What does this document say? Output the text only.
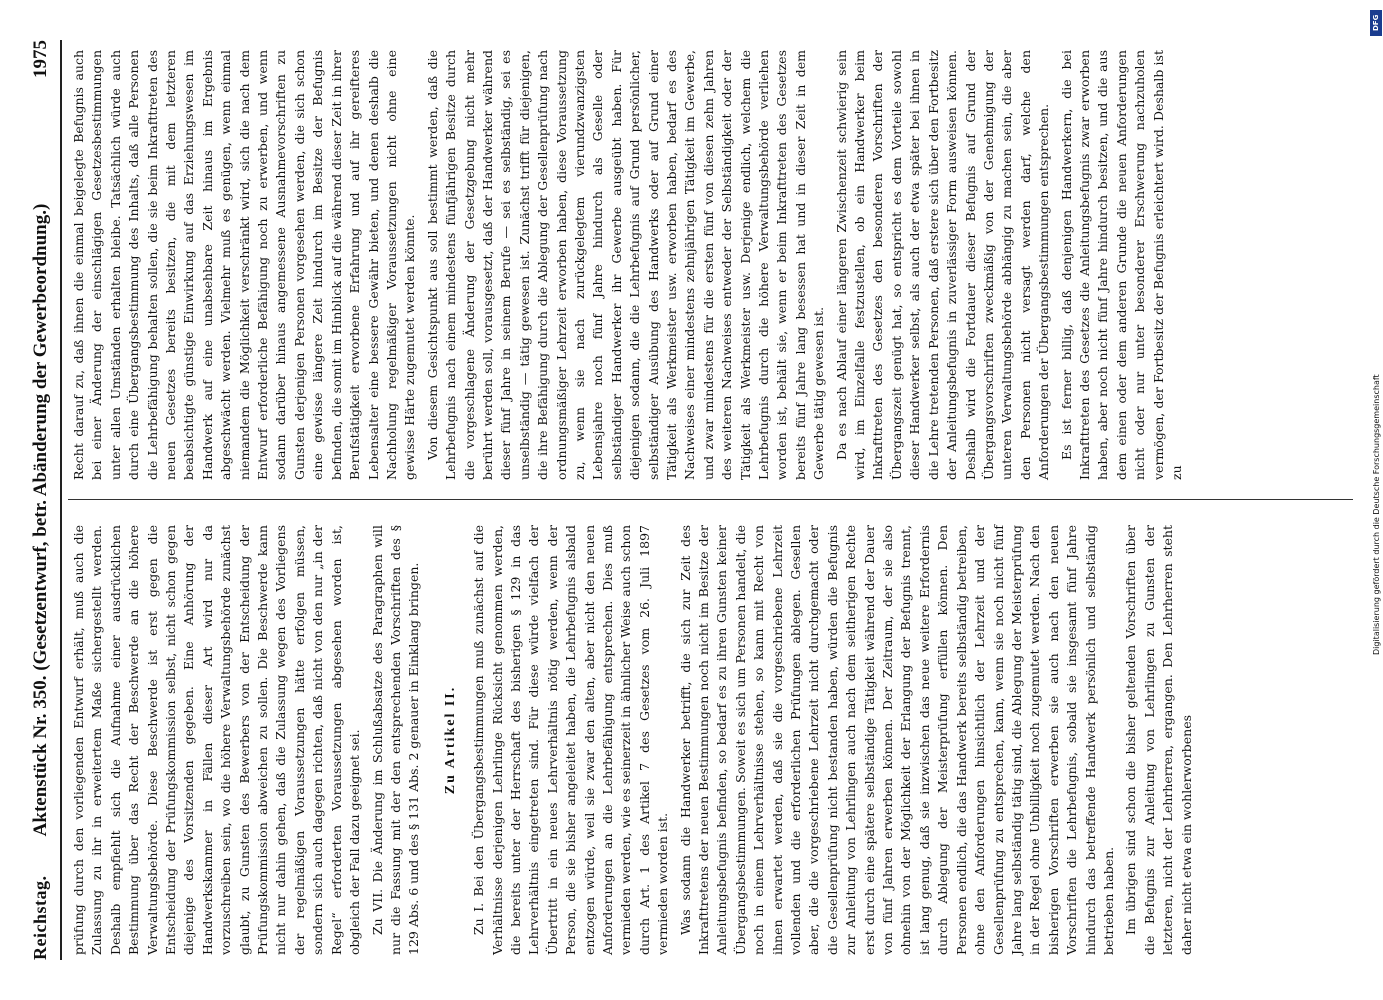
Reichstag.
Aktenstück Nr. 350. (Gesetzentwurf, betr. Abänderung der Gewerbeordnung.)
1975

prüfung durch den vorliegenden Entwurf erhält, muß auch die Zulassung zu ihr in erweitertem Maße sichergestellt werden. Deshalb empfiehlt sich die Aufnahme einer ausdrücklichen Bestimmung über das Recht der Beschwerde an die höhere Verwaltungsbehörde. Diese Beschwerde ist erst gegen die Entscheidung der Prüfungskommission selbst, nicht schon gegen diejenige des Vorsitzenden gegeben. Eine Anhörung der Handwerkskammer in Fällen dieser Art wird nur da vorzuschreiben sein, wo die höhere Verwaltungsbehörde zunächst glaubt, zu Gunsten des Bewerbers von der Entscheidung der Prüfungskommission abweichen zu sollen. Die Beschwerde kann nicht nur dahin gehen, daß die Zulassung wegen des Vorliegens der regelmäßigen Voraussetzungen hätte erfolgen müssen, sondern sich auch dagegen richten, daß nicht von den nur „in der Regel“ erforderten Voraussetzungen abgesehen worden ist, obgleich der Fall dazu geeignet sei. Zu VII. Die Änderung im Schlußabsatze des Paragraphen will nur die Fassung mit der den entsprechenden Vorschriften des § 129 Abs. 6 und des § 131 Abs. 2 genauer in Einklang bringen. Zu Artikel II. Zu I. Bei den Übergangsbestimmungen muß zunächst auf die Verhältnisse derjenigen Lehrlinge Rücksicht genommen werden, die bereits unter der Herrschaft des bisherigen § 129 in das Lehrverhältnis eingetreten sind. Für diese würde vielfach der Übertritt in ein neues Lehrverhältnis nötig werden, wenn der Person, die sie bisher angeleitet haben, die Lehrbefugnis alsbald entzogen würde, weil sie zwar den alten, aber nicht den neuen Anforderungen an die Lehrbefähigung entsprechen. Dies muß vermieden werden, wie es seinerzeit in ähnlicher Weise auch schon durch Art. 1 des Artikel 7 des Gesetzes vom 26. Juli 1897 vermieden worden ist. Was sodann die Handwerker betrifft, die sich zur Zeit des Inkrafttretens der neuen Bestimmungen noch nicht im Besitze der Anleitungsbefugnis befinden, so bedarf es zu ihren Gunsten keiner Übergangsbestimmungen. Soweit es sich um Personen handelt, die noch in einem Lehrverhältnisse stehen, so kann mit Recht von ihnen erwartet werden, daß sie die vorgeschriebene Lehrzeit vollenden und die erforderlichen Prüfungen ablegen. Gesellen aber, die die vorgeschriebene Lehrzeit nicht durchgemacht oder die Gesellenprüfung nicht bestanden haben, würden die Befugnis zur Anleitung von Lehrlingen auch nach dem seitherigen Rechte erst durch eine spätere selbständige Tätigkeit während der Dauer von fünf Jahren erwerben können. Der Zeitraum, der sie also ohnehin von der Möglichkeit der Erlangung der Befugnis trennt, ist lang genug, daß sie inzwischen das neue weitere Erfordernis durch Ablegung der Meisterprüfung erfüllen können. Den Personen endlich, die das Handwerk bereits selbständig betreiben, ohne den Anforderungen hinsichtlich der Lehrzeit und der Gesellenprüfung zu entsprechen, kann, wenn sie noch nicht fünf Jahre lang selbständig tätig sind, die Ablegung der Meisterprüfung in der Regel ohne Unbilligkeit noch zugemutet werden. Nach den bisherigen Vorschriften erwerben sie auch nach den neuen Vorschriften die Lehrbefugnis, sobald sie insgesamt fünf Jahre hindurch das betreffende Handwerk persönlich und selbständig betrieben haben. Im übrigen sind schon die bisher geltenden Vorschriften über die Befugnis zur Anleitung von Lehrlingen zu Gunsten der letzteren, nicht der Lehrherren, ergangen. Den Lehrherren steht daher nicht etwa ein wohlerworbenes

Recht darauf zu, daß ihnen die einmal beigelegte Befugnis auch bei einer Änderung der einschlägigen Gesetzesbestimmungen unter allen Umständen erhalten bleibe. Tatsächlich würde auch durch eine Übergangsbestimmung des Inhalts, daß alle Personen die Lehrbefähigung behalten sollen, die sie beim Inkrafttreten des neuen Gesetzes bereits besitzen, die mit dem letzteren beabsichtigte günstige Einwirkung auf das Erziehungswesen im Handwerk auf eine unabsehbare Zeit hinaus im Ergebnis abgeschwächt werden. Vielmehr muß es genügen, wenn einmal niemandem die Möglichkeit verschränkt wird, sich die nach dem Entwurf erforderliche Befähigung noch zu erwerben, und wenn sodann darüber hinaus angemessene Ausnahmevorschriften zu Gunsten derjenigen Personen vorgesehen werden, die sich schon eine gewisse längere Zeit hindurch im Besitze der Befugnis befinden, die somit im Hinblick auf die während dieser Zeit in ihrer Berufstätigkeit erworbene Erfahrung und auf ihr gereifteres Lebensalter eine bessere Gewähr bieten, und denen deshalb die Nachholung regelmäßiger Voraussetzungen nicht ohne eine gewisse Härte zugemutet werden könnte. Von diesem Gesichtspunkt aus soll bestimmt werden, daß die Lehrbefugnis nach einem mindestens fünfjährigen Besitze durch die vorgeschlagene Änderung der Gesetzgebung nicht mehr berührt werden soll, vorausgesetzt, daß der Handwerker während dieser fünf Jahre in seinem Berufe — sei es selbständig, sei es unselbständig — tätig gewesen ist. Zunächst trifft für diejenigen, die ihre Befähigung durch die Ablegung der Gesellenprüfung nach ordnungsmäßiger Lehrzeit erworben haben, diese Voraussetzung zu, wenn sie nach zurückgelegtem vierundzwanzigsten Lebensjahre noch fünf Jahre hindurch als Geselle oder selbständiger Handwerker ihr Gewerbe ausgeübt haben. Für diejenigen sodann, die die Lehrbefugnis auf Grund persönlicher, selbständiger Ausübung des Handwerks oder auf Grund einer Tätigkeit als Werkmeister usw. erworben haben, bedarf es des Nachweises einer mindestens zehnjährigen Tätigkeit im Gewerbe, und zwar mindestens für die ersten fünf von diesen zehn Jahren des weiteren Nachweises entweder der Selbständigkeit oder der Tätigkeit als Werkmeister usw. Derjenige endlich, welchem die Lehrbefugnis durch die höhere Verwaltungsbehörde verliehen worden ist, behält sie, wenn er beim Inkrafttreten des Gesetzes bereits fünf Jahre lang besessen hat und in dieser Zeit in dem Gewerbe tätig gewesen ist. Da es nach Ablauf einer längeren Zwischenzeit schwierig sein wird, im Einzelfalle festzustellen, ob ein Handwerker beim Inkrafttreten des Gesetzes den besonderen Vorschriften der Übergangszeit genügt hat, so entspricht es dem Vorteile sowohl dieser Handwerker selbst, als auch der etwa später bei ihnen in die Lehre tretenden Personen, daß erstere sich über den Fortbesitz der Anleitungsbefugnis in zuverlässiger Form ausweisen können. Deshalb wird die Fortdauer dieser Befugnis auf Grund der Übergangsvorschriften zweckmäßig von der Genehmigung der unteren Verwaltungsbehörde abhängig zu machen sein, die aber den Personen nicht versagt werden darf, welche den Anforderungen der Übergangsbestimmungen entsprechen. Es ist ferner billig, daß denjenigen Handwerkern, die bei Inkrafttreten des Gesetzes die Anleitungsbefugnis zwar erworben haben, aber noch nicht fünf Jahre hindurch besitzen, und die aus dem einen oder dem anderen Grunde die neuen Anforderungen nicht oder nur unter besonderer Erschwerung nachzuholen vermögen, der Fortbesitz der Befugnis erleichtert wird. Deshalb ist zu

DFG
Digitalisierung gefördert durch die Deutsche Forschungsgemeinschaft
